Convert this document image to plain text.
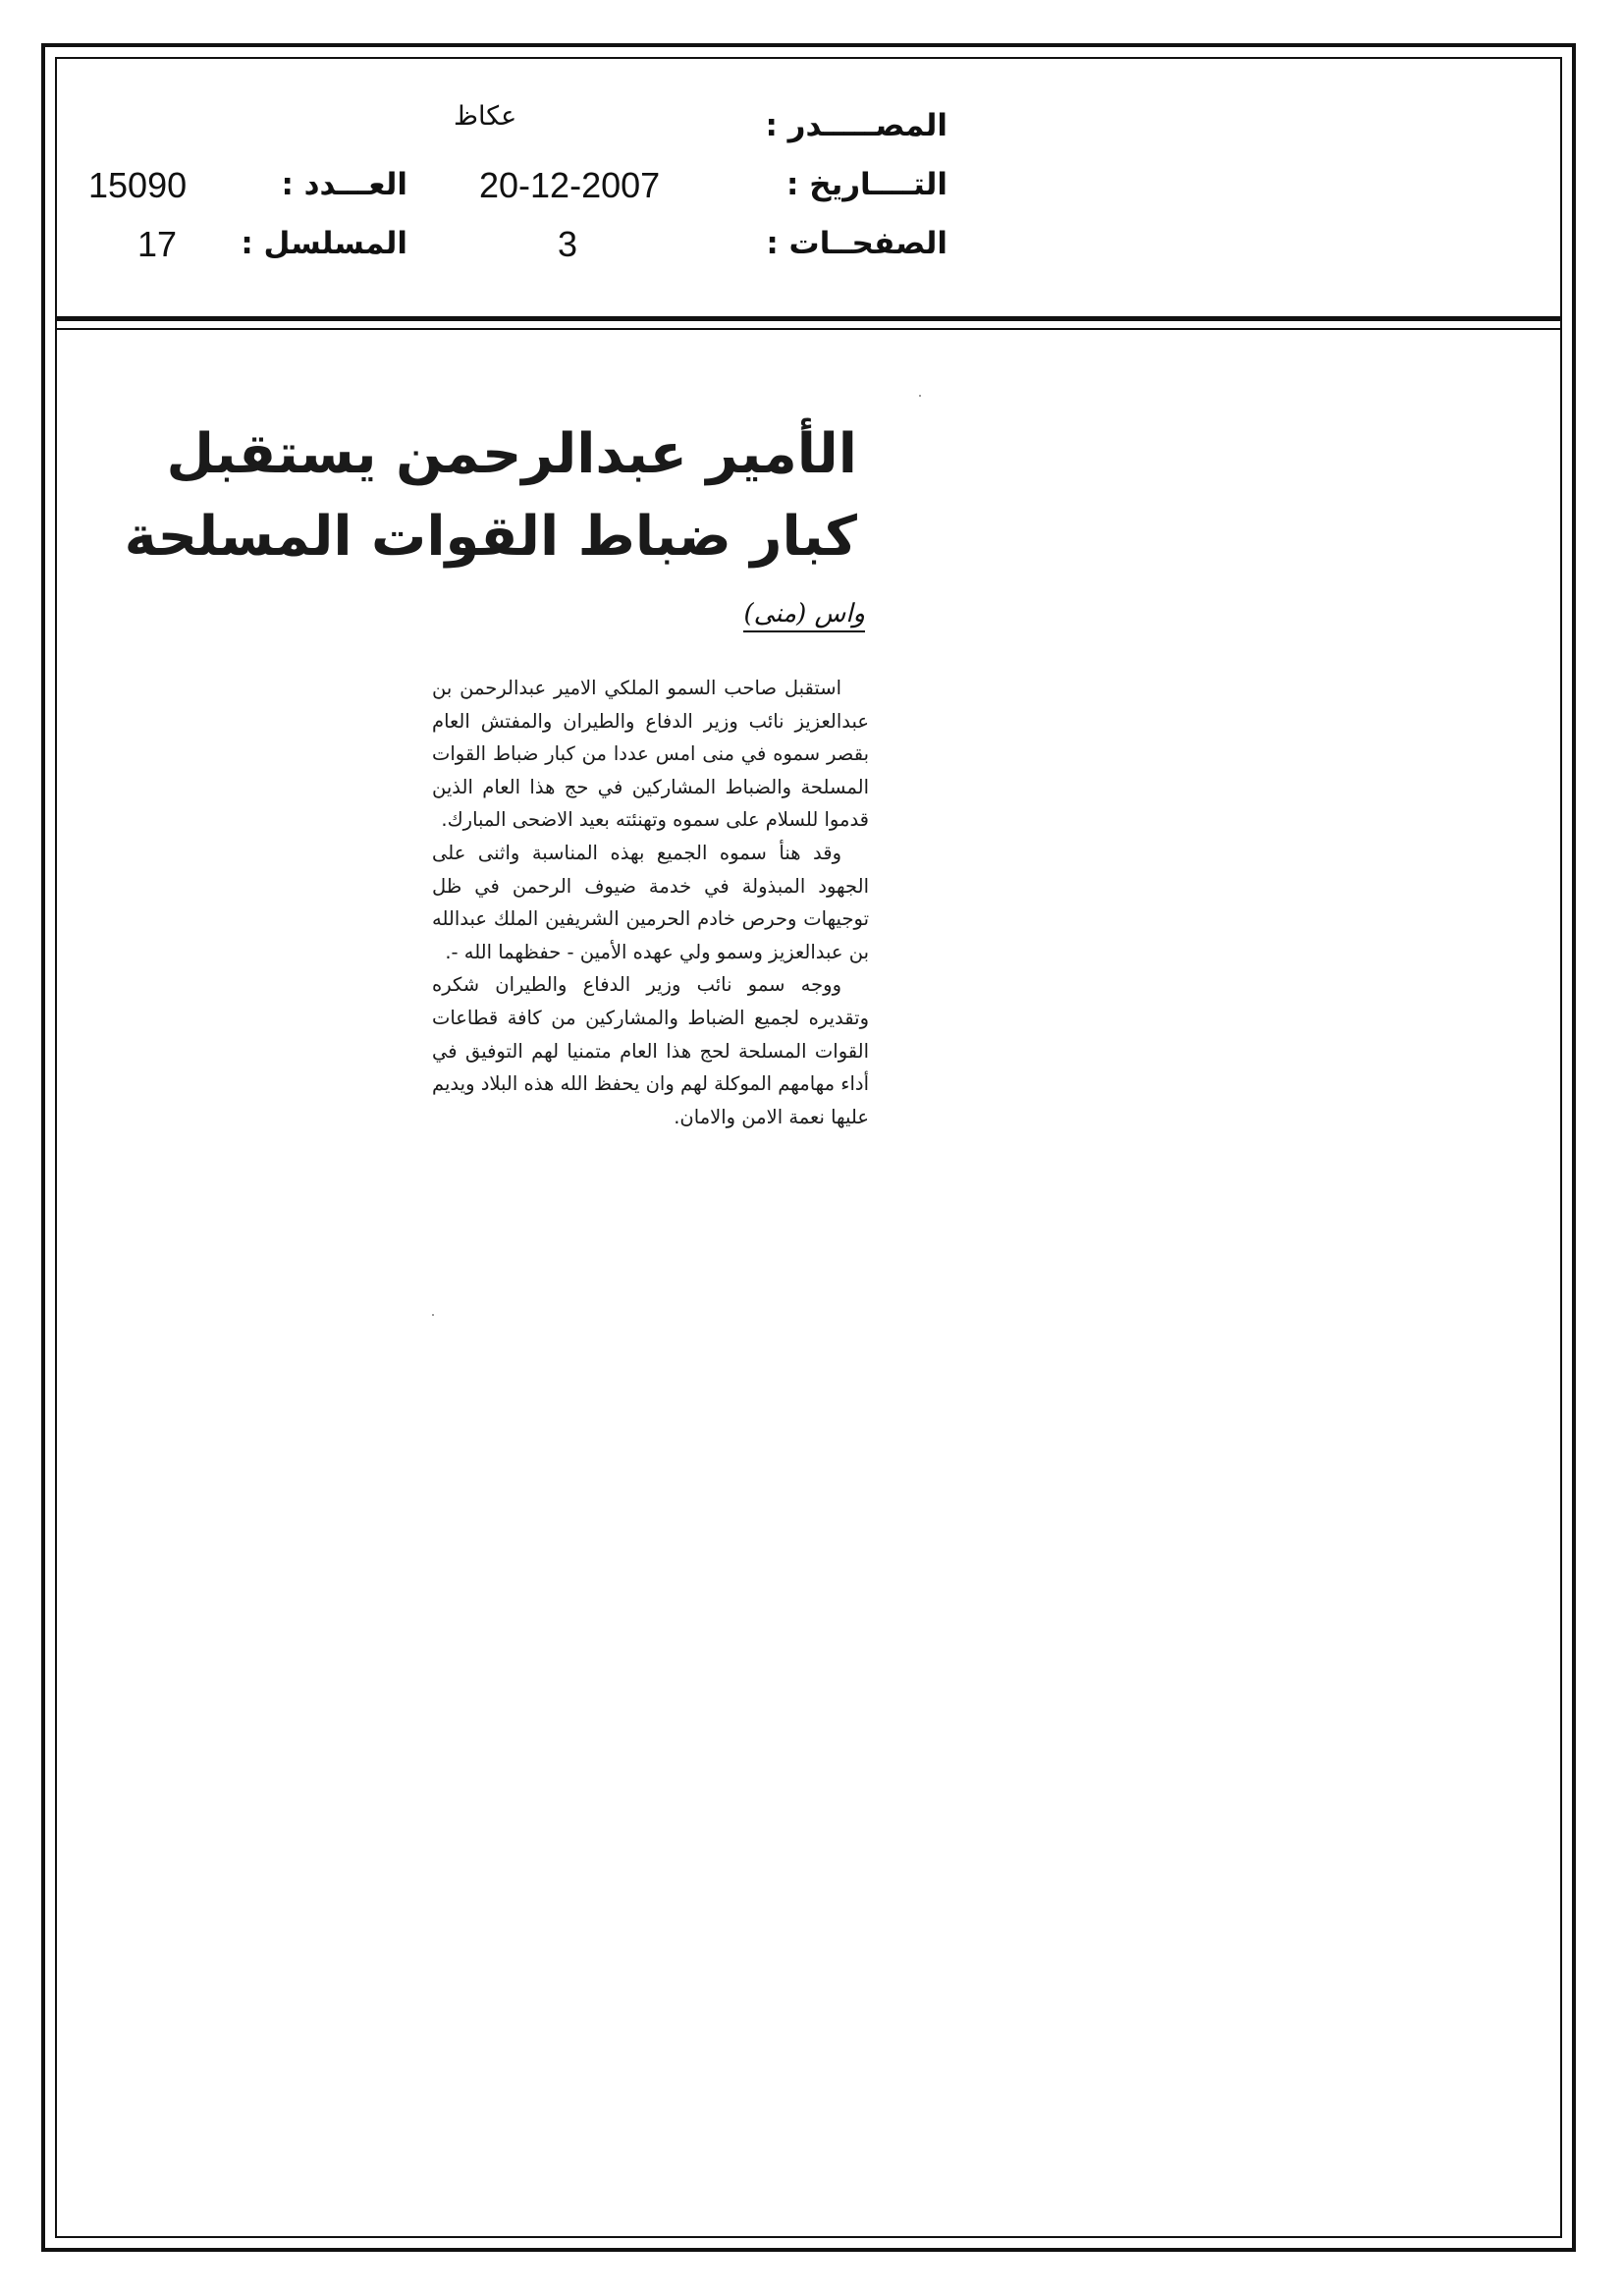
عكاظ	المصـــــدر :
التــــاريخ :
20-12-2007
العـــدد :
15090
الصفحــات :
3
المسلسل :
17
الأمير عبدالرحمن يستقبل
كبار ضباط القوات المسلحة
واس (منى)

استقبل صاحب السمو الملكي الامير عبدالرحمن بن عبدالعزيز نائب وزير الدفاع والطيران والمفتش العام بقصر سموه في منى امس عددا من كبار ضباط القوات المسلحة والضباط المشاركين في حج هذا العام الذين قدموا للسلام على سموه وتهنئته بعيد الاضحى المبارك.

وقد هنأ سموه الجميع بهذه المناسبة واثنى على الجهود المبذولة في خدمة ضيوف الرحمن في ظل توجيهات وحرص خادم الحرمين الشريفين الملك عبدالله بن عبدالعزيز وسمو ولي عهده الأمين - حفظهما الله -.

ووجه سمو نائب وزير الدفاع والطيران شكره وتقديره لجميع الضباط والمشاركين من كافة قطاعات القوات المسلحة لحج هذا العام متمنيا لهم التوفيق في أداء مهامهم الموكلة لهم وان يحفظ الله هذه البلاد ويديم عليها نعمة الامن والامان.
